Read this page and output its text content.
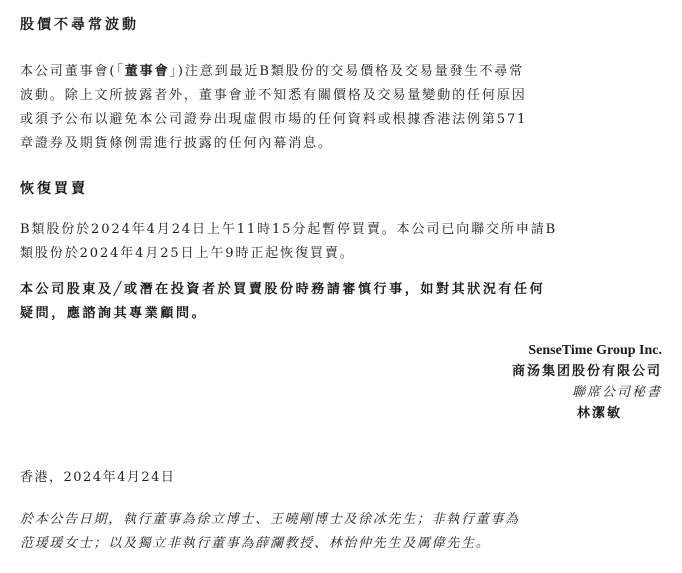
股價不尋常波動

本公司董事會(「董事會」)注意到最近B類股份的交易價格及交易量發生不尋常
波動。除上文所披露者外，董事會並不知悉有關價格及交易量變動的任何原因
或須予公布以避免本公司證券出現虛假市場的任何資料或根據香港法例第571
章證券及期貨條例需進行披露的任何內幕消息。

恢復買賣

B類股份於2024年4月24日上午11時15分起暫停買賣。本公司已向聯交所申請B
類股份於2024年4月25日上午9時正起恢復買賣。

本公司股東及╱或潛在投資者於買賣股份時務請審慎行事，如對其狀況有任何
疑問，應諮詢其專業顧問。

SenseTime Group Inc.
商汤集团股份有限公司
聯席公司秘書
林潔敏
香港，2024年4月24日
於本公告日期，執行董事為徐立博士、王曉剛博士及徐冰先生；非執行董事為
范瑗瑗女士；以及獨立非執行董事為薛瀾教授、林怡仲先生及厲偉先生。
